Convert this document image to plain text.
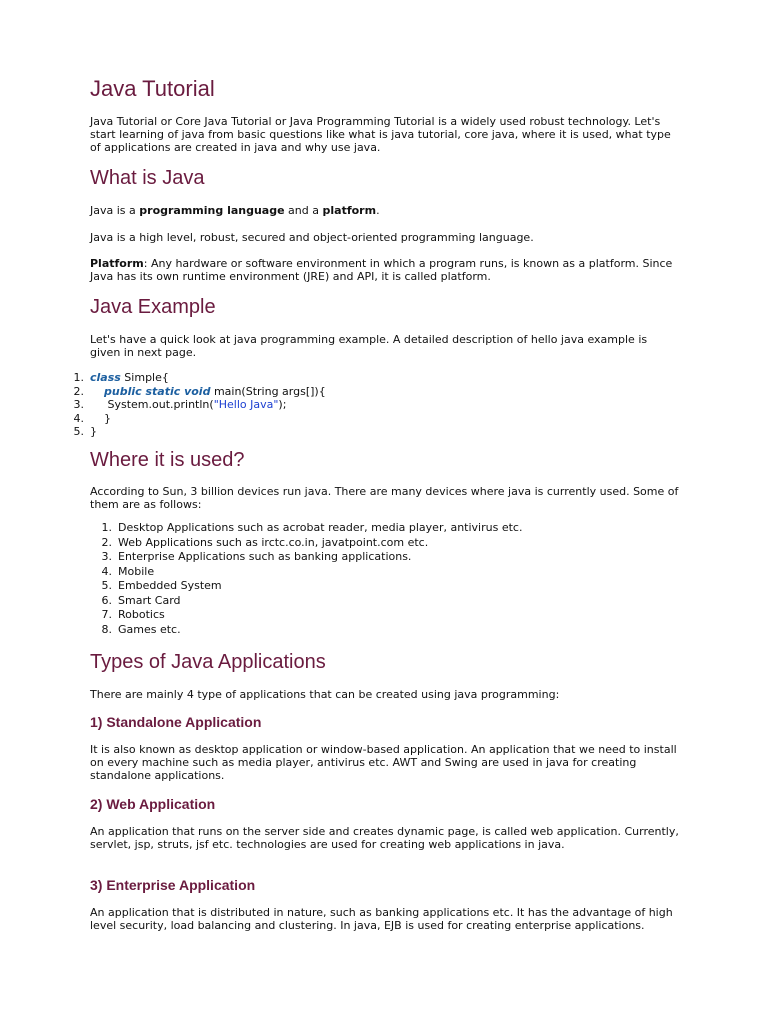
Java Tutorial

Java Tutorial or Core Java Tutorial or Java Programming Tutorial is a widely used robust technology. Let's start learning of java from basic questions like what is java tutorial, core java, where it is used, what type of applications are created in java and why use java.

What is Java

Java is a programming language and a platform.

Java is a high level, robust, secured and object-oriented programming language.

Platform: Any hardware or software environment in which a program runs, is known as a platform. Since Java has its own runtime environment (JRE) and API, it is called platform.

Java Example

Let's have a quick look at java programming example. A detailed description of hello java example is given in next page.

1. class Simple{
2. public static void main(String args[]){
3. System.out.println("Hello Java");
4. }
5. }
Where it is used?

According to Sun, 3 billion devices run java. There are many devices where java is currently used. Some of them are as follows:

1. Desktop Applications such as acrobat reader, media player, antivirus etc.
2. Web Applications such as irctc.co.in, javatpoint.com etc.
3. Enterprise Applications such as banking applications.
4. Mobile
5. Embedded System
6. Smart Card
7. Robotics
8. Games etc.
Types of Java Applications

There are mainly 4 type of applications that can be created using java programming:

1) Standalone Application

It is also known as desktop application or window-based application. An application that we need to install on every machine such as media player, antivirus etc. AWT and Swing are used in java for creating standalone applications.

2) Web Application

An application that runs on the server side and creates dynamic page, is called web application. Currently, servlet, jsp, struts, jsf etc. technologies are used for creating web applications in java.

3) Enterprise Application

An application that is distributed in nature, such as banking applications etc. It has the advantage of high level security, load balancing and clustering. In java, EJB is used for creating enterprise applications.
